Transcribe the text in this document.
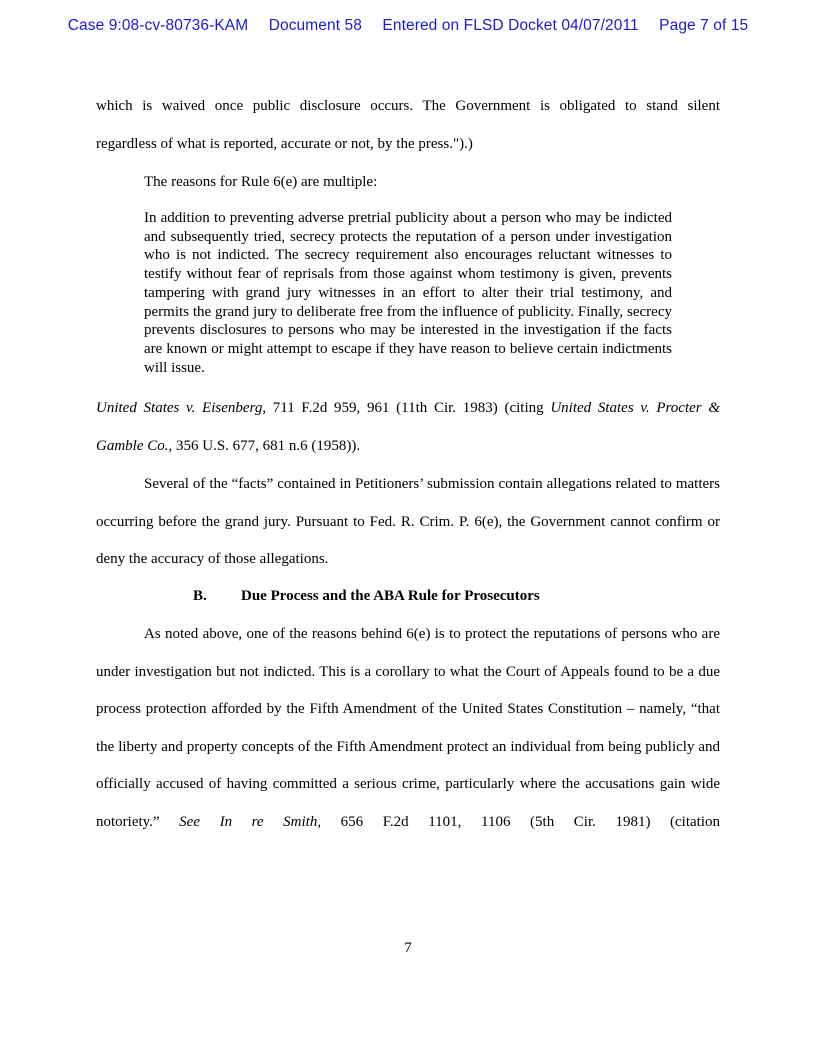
Case 9:08-cv-80736-KAM Document 58 Entered on FLSD Docket 04/07/2011 Page 7 of 15

which is waived once public disclosure occurs. The Government is obligated to stand silent

regardless of what is reported, accurate or not, by the press.").)

The reasons for Rule 6(e) are multiple:

In addition to preventing adverse pretrial publicity about a person who may be indicted and subsequently tried, secrecy protects the reputation of a person under investigation who is not indicted. The secrecy requirement also encourages reluctant witnesses to testify without fear of reprisals from those against whom testimony is given, prevents tampering with grand jury witnesses in an effort to alter their trial testimony, and permits the grand jury to deliberate free from the influence of publicity. Finally, secrecy prevents disclosures to persons who may be interested in the investigation if the facts are known or might attempt to escape if they have reason to believe certain indictments will issue.

United States v. Eisenberg, 711 F.2d 959, 961 (11th Cir. 1983) (citing United States v. Procter & Gamble Co., 356 U.S. 677, 681 n.6 (1958)).

Several of the “facts” contained in Petitioners’ submission contain allegations related to matters occurring before the grand jury. Pursuant to Fed. R. Crim. P. 6(e), the Government cannot confirm or deny the accuracy of those allegations.

B. Due Process and the ABA Rule for Prosecutors

As noted above, one of the reasons behind 6(e) is to protect the reputations of persons who are under investigation but not indicted. This is a corollary to what the Court of Appeals found to be a due process protection afforded by the Fifth Amendment of the United States Constitution – namely, “that the liberty and property concepts of the Fifth Amendment protect an individual from being publicly and officially accused of having committed a serious crime, particularly where the accusations gain wide notoriety.” See In re Smith, 656 F.2d 1101, 1106 (5th Cir. 1981) (citation

7
